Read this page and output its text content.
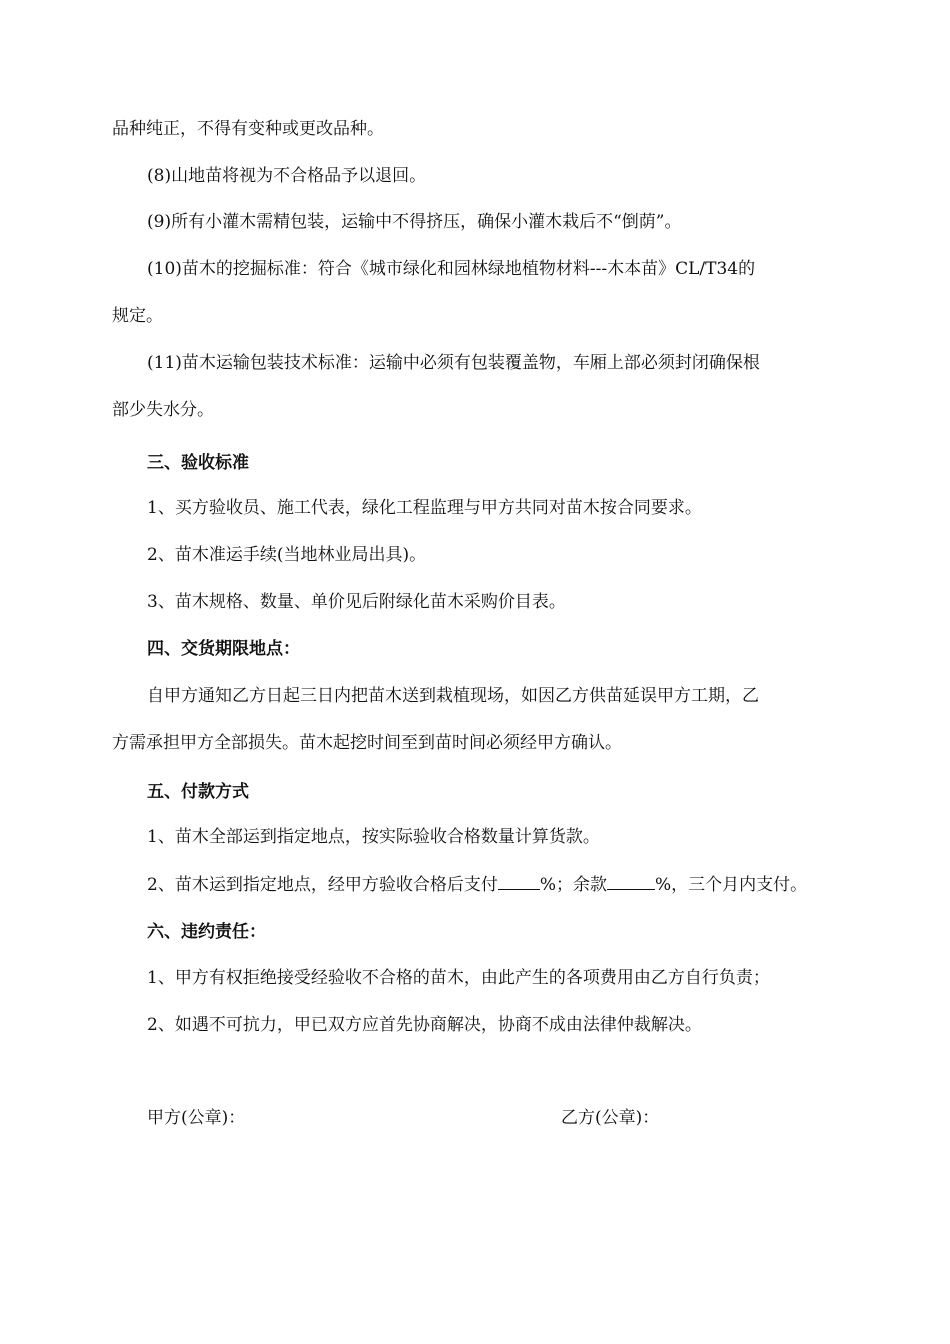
品种纯正，不得有变种或更改品种。
(8)山地苗将视为不合格品予以退回。
(9)所有小灌木需精包装，运输中不得挤压，确保小灌木栽后不“倒荫”。
(10)苗木的挖掘标准：符合《城市绿化和园林绿地植物材料---木本苗》CL/T34的
规定。
(11)苗木运输包装技术标准：运输中必须有包装覆盖物，车厢上部必须封闭确保根
部少失水分。
三、验收标准
1、买方验收员、施工代表，绿化工程监理与甲方共同对苗木按合同要求。
2、苗木准运手续(当地林业局出具)。
3、苗木规格、数量、单价见后附绿化苗木采购价目表。
四、交货期限地点：
自甲方通知乙方日起三日内把苗木送到栽植现场，如因乙方供苗延误甲方工期，乙
方需承担甲方全部损失。苗木起挖时间至到苗时间必须经甲方确认。
五、付款方式
1、苗木全部运到指定地点，按实际验收合格数量计算货款。
2、苗木运到指定地点，经甲方验收合格后支付 %；余款	%，三个月内支付。
六、违约责任：
1、甲方有权拒绝接受经验收不合格的苗木，由此产生的各项费用由乙方自行负责；
2、如遇不可抗力，甲已双方应首先协商解决，协商不成由法律仲裁解决。
甲方(公章)：	乙方(公章)：
